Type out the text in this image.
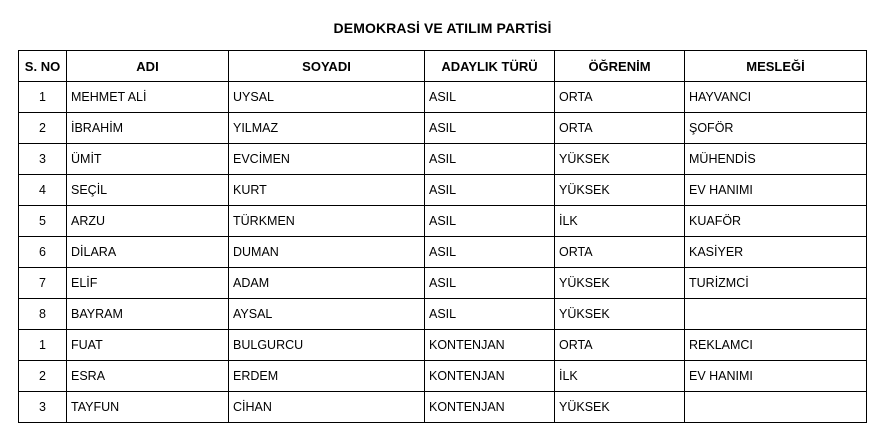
DEMOKRASİ VE ATILIM PARTİSİ
S. NO	ADI	SOYADI	ADAYLIK TÜRÜ	ÖĞRENİM	MESLEĞİ
1	MEHMET ALİ	UYSAL	ASIL	ORTA	HAYVANCI
2	İBRAHİM	YILMAZ	ASIL	ORTA	ŞOFÖR
3	ÜMİT	EVCİMEN	ASIL	YÜKSEK	MÜHENDİS
4	SEÇİL	KURT	ASIL	YÜKSEK	EV HANIMI
5	ARZU	TÜRKMEN	ASIL	İLK	KUAFÖR
6	DİLARA	DUMAN	ASIL	ORTA	KASİYER
7	ELİF	ADAM	ASIL	YÜKSEK	TURİZMCİ
8	BAYRAM	AYSAL	ASIL	YÜKSEK	
1	FUAT	BULGURCU	KONTENJAN	ORTA	REKLAMCI
2	ESRA	ERDEM	KONTENJAN	İLK	EV HANIMI
3	TAYFUN	CİHAN	KONTENJAN	YÜKSEK	
